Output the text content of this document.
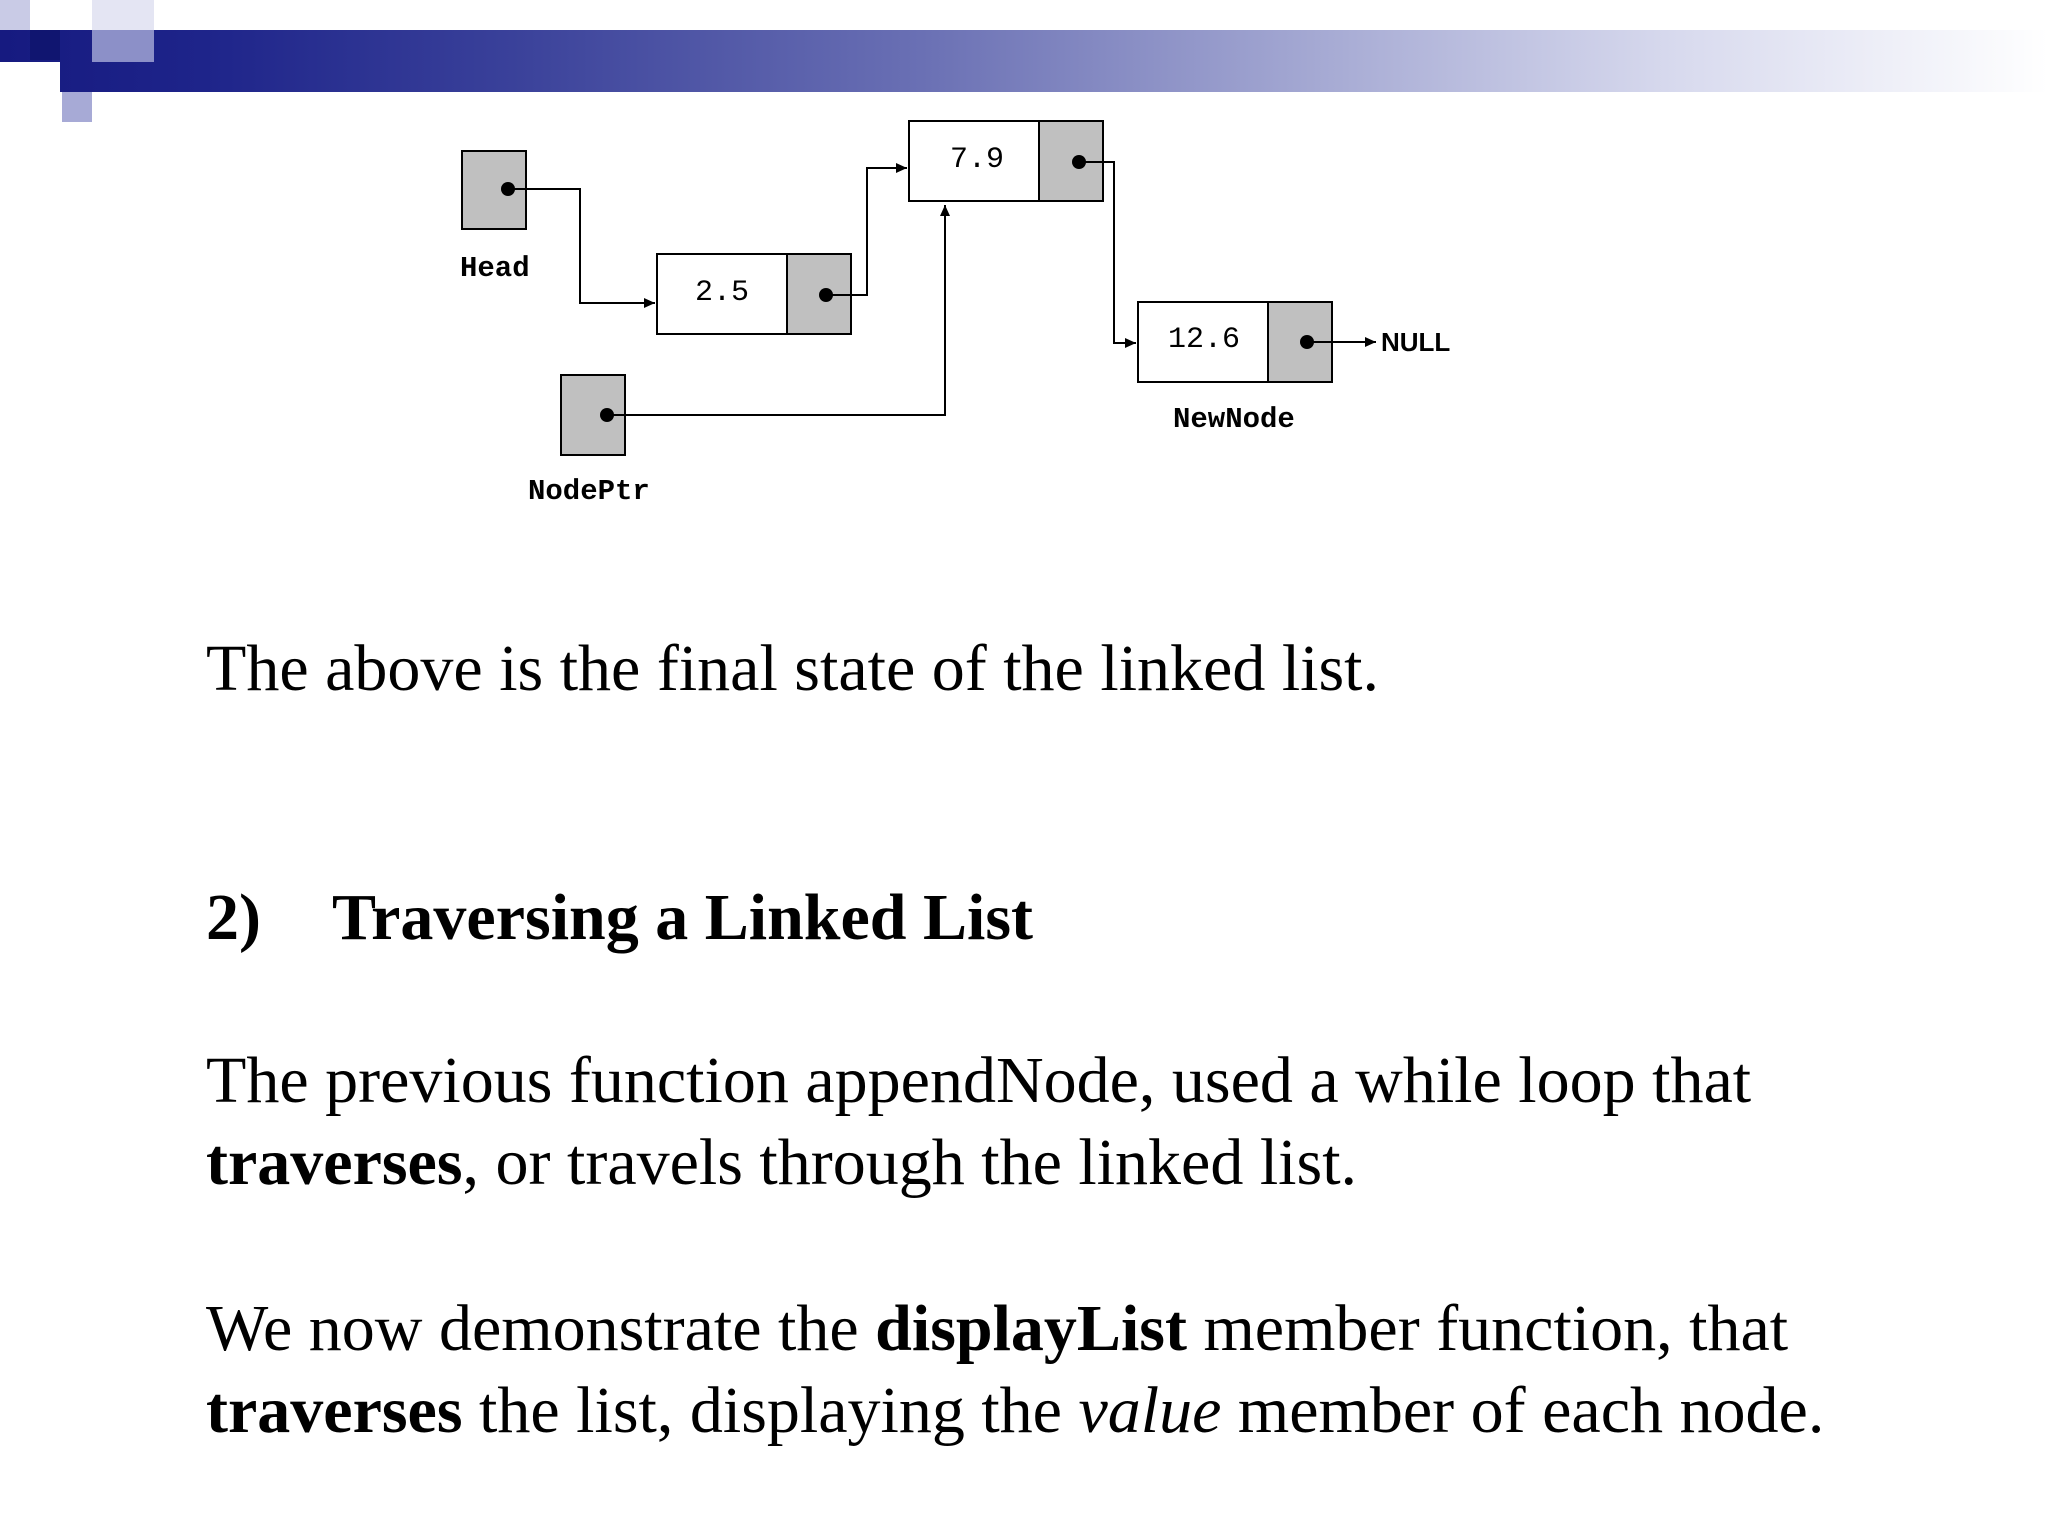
Head
2.5
7.9
12.6
NewNode
NodePtr
NULL

The above is the final state of the linked list.

2) Traversing a Linked List

The previous function appendNode, used a while loop that
traverses, or travels through the linked list.
We now demonstrate the displayList member function, that
traverses the list, displaying the value member of each node.
